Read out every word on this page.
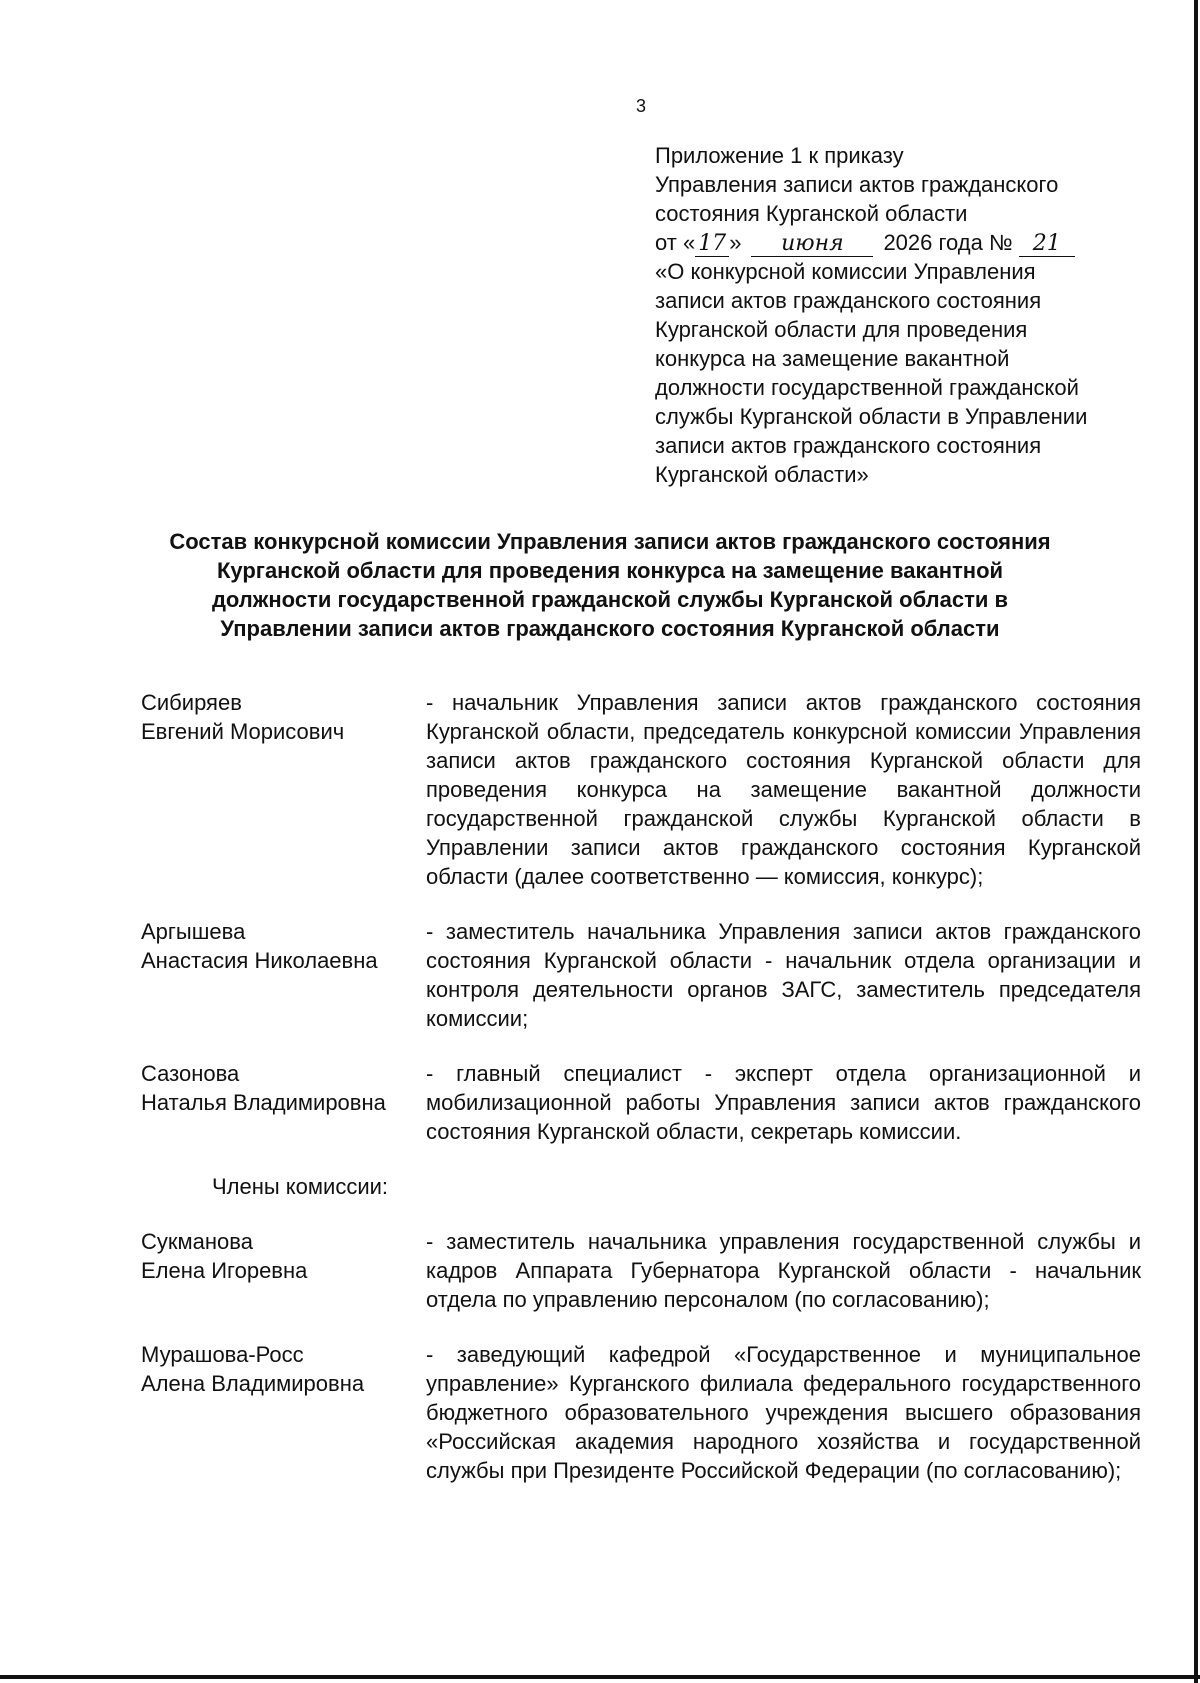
3
Приложение 1 к приказу
Управления записи актов гражданского
состояния Курганской области
от « 17 » июня 2026 года № 21
«О конкурсной комиссии Управления
записи актов гражданского состояния
Курганской области для проведения
конкурса на замещение вакантной
должности государственной гражданской
службы Курганской области в Управлении
записи актов гражданского состояния
Курганской области»
Состав конкурсной комиссии Управления записи актов гражданского состояния
Курганской области для проведения конкурса на замещение вакантной
должности государственной гражданской службы Курганской области в
Управлении записи актов гражданского состояния Курганской области
Сибиряев
Евгений Морисович
- начальник Управления записи актов гражданского состояния Курганской области, председатель конкурсной комиссии Управления записи актов гражданского состояния Курганской области для проведения конкурса на замещение вакантной должности государственной гражданской службы Курганской области в Управлении записи актов гражданского состояния Курганской области (далее соответственно — комиссия, конкурс);
Аргышева
Анастасия Николаевна
- заместитель начальника Управления записи актов гражданского состояния Курганской области - начальник отдела организации и контроля деятельности органов ЗАГС, заместитель председателя комиссии;
Сазонова
Наталья Владимировна
- главный специалист - эксперт отдела организационной и мобилизационной работы Управления записи актов гражданского состояния Курганской области, секретарь комиссии.
Члены комиссии:
Сукманова
Елена Игоревна
- заместитель начальника управления государственной службы и кадров Аппарата Губернатора Курганской области - начальник отдела по управлению персоналом (по согласованию);
Мурашова-Росс
Алена Владимировна
- заведующий кафедрой «Государственное и муниципальное управление» Курганского филиала федерального государственного бюджетного образовательного учреждения высшего образования «Российская академия народного хозяйства и государственной службы при Президенте Российской Федерации (по согласованию);
